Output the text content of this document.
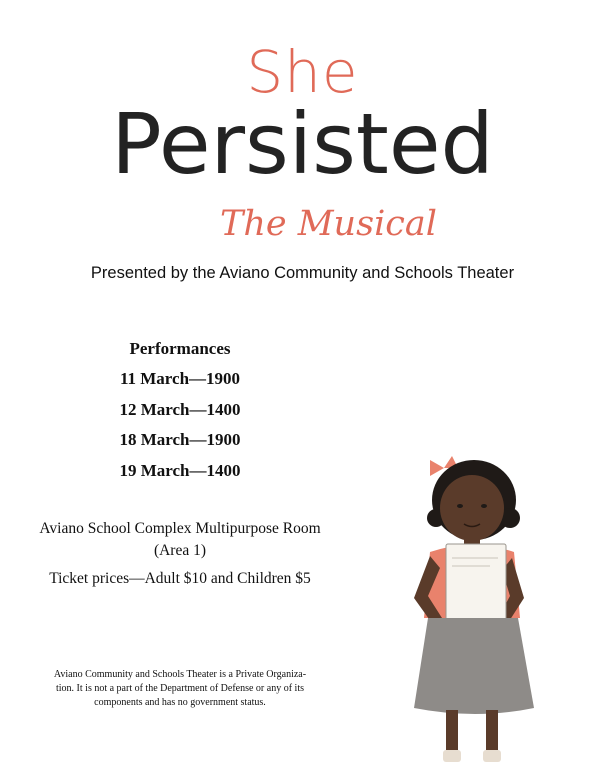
She
Persisted
The Musical
Presented by the Aviano Community and Schools Theater
Performances
11 March—1900
12 March—1400
18 March—1900
19 March—1400
Aviano School Complex Multipurpose Room
(Area 1)
Ticket prices—Adult $10 and Children $5
Aviano Community and Schools Theater is a Private Organiza-
tion. It is not a part of the Department of Defense or any of its
components and has no government status.
